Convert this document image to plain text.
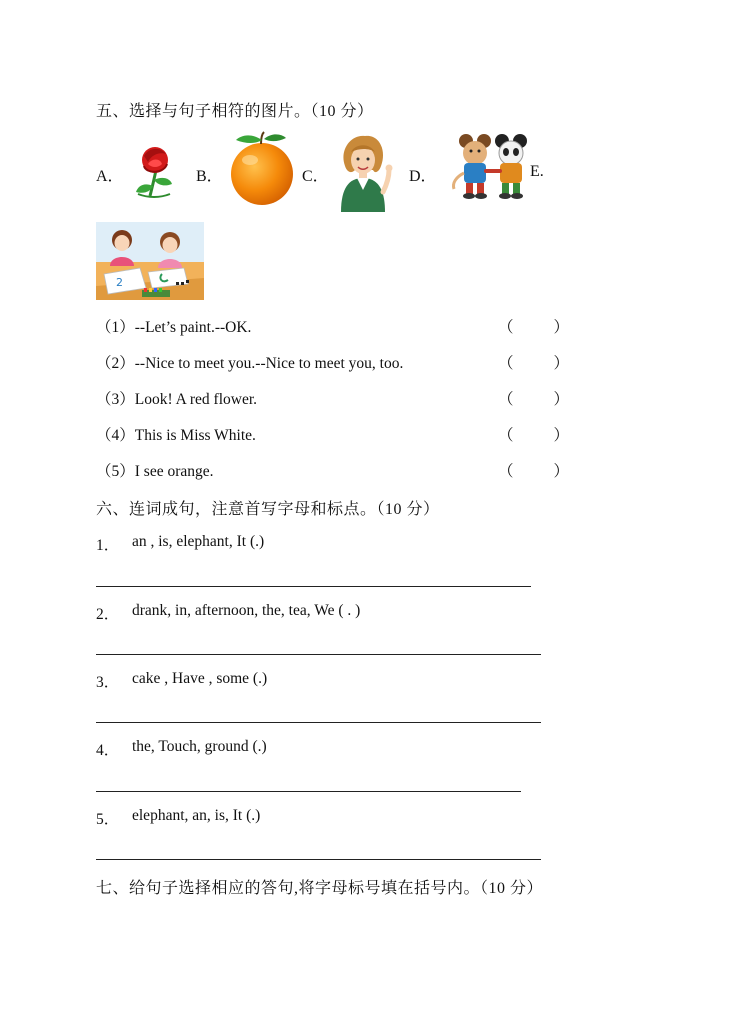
五、选择与句子相符的图片。（10 分）
A．	B．	C．	D．	E.
2
（1）--Let’s paint.--OK.	（	）
（2）--Nice to meet you.--Nice to meet you, too.	（	）
（3）Look! A red flower.	（	）
（4）This is Miss White.	（	）
（5）I see orange.	（	）
六、连词成句，注意首写字母和标点。（10 分）
1． an , is, elephant, It (.)
2． drank, in, afternoon, the, tea, We ( . )
3． cake , Have , some (.)
4． the, Touch, ground (.)
5． elephant, an, is, It (.)
七、给句子选择相应的答句,将字母标号填在括号内。（10 分）
